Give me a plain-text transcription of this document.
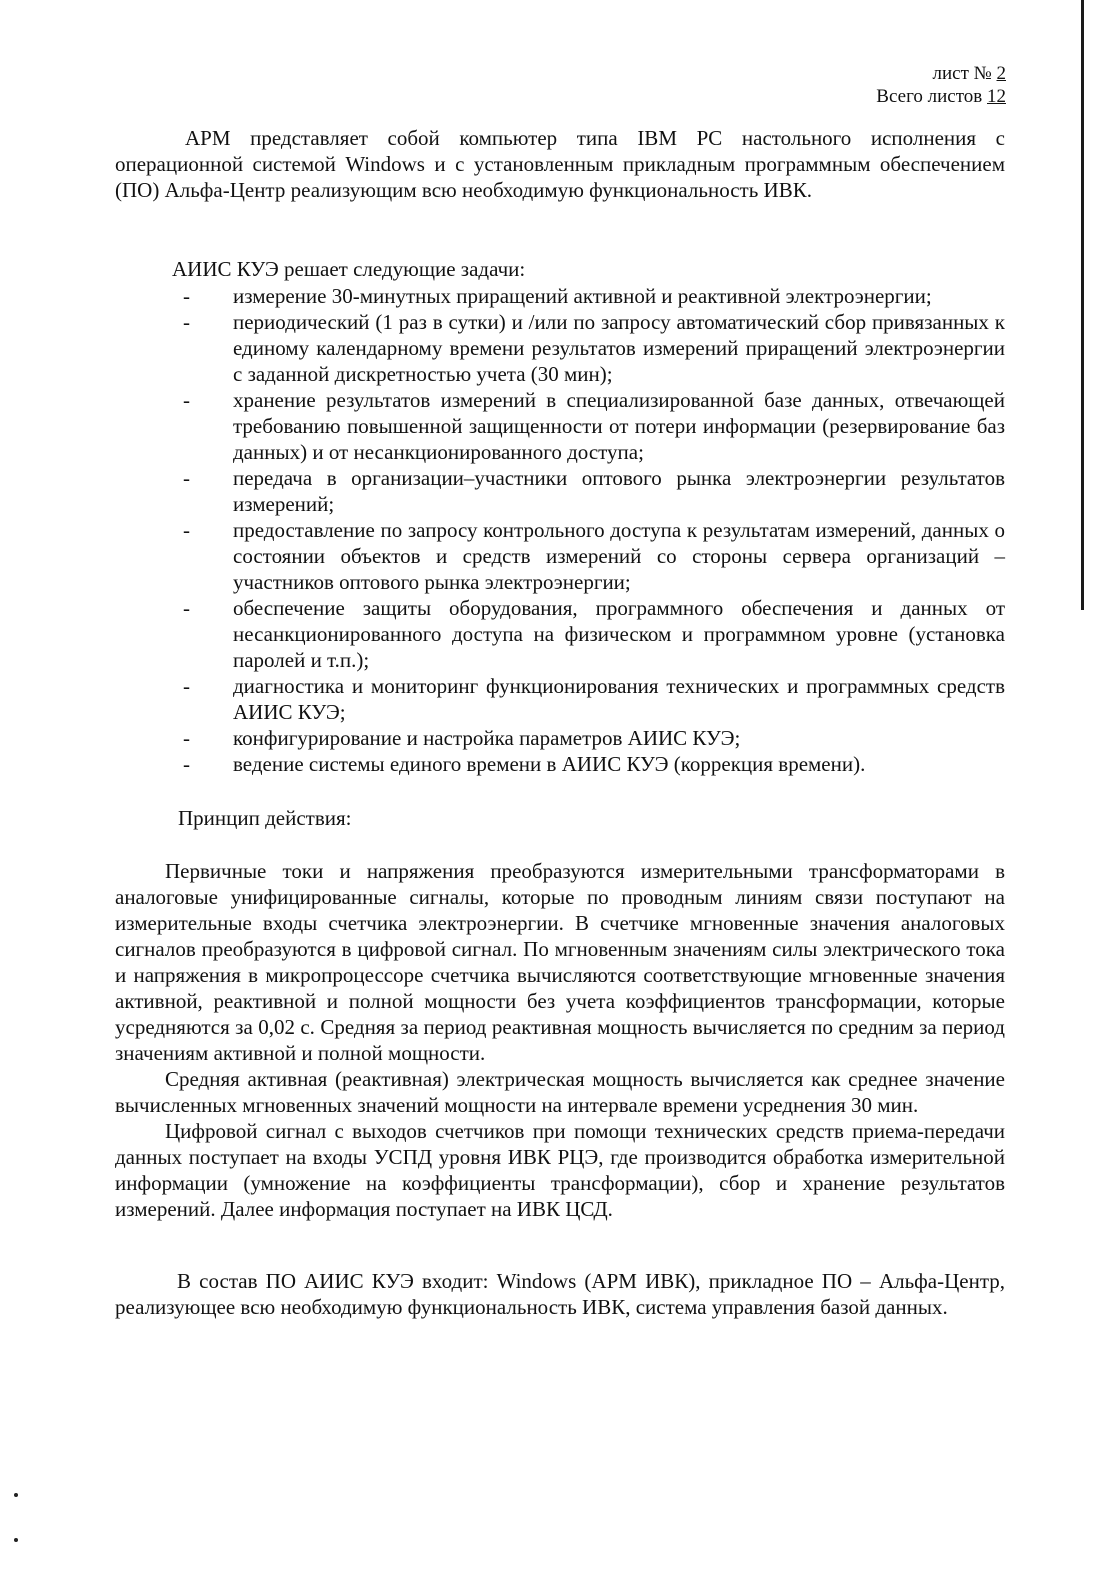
лист № 2
Всего листов 12

АРМ представляет собой компьютер типа IBM PC настольного исполнения с операционной системой Windows и с установленным прикладным программным обеспечением (ПО) Альфа-Центр реализующим всю необходимую функциональность ИВК.

АИИС КУЭ решает следующие задачи:

- измерение 30-минутных приращений активной и реактивной электроэнергии;
- периодический (1 раз в сутки) и /или по запросу автоматический сбор привязанных к единому календарному времени результатов измерений приращений электроэнергии с заданной дискретностью учета (30 мин);
- хранение результатов измерений в специализированной базе данных, отвечающей требованию повышенной защищенности от потери информации (резервирование баз данных) и от несанкционированного доступа;
- передача в организации–участники оптового рынка электроэнергии результатов измерений;
- предоставление по запросу контрольного доступа к результатам измерений, данных о состоянии объектов и средств измерений со стороны сервера организаций – участников оптового рынка электроэнергии;
- обеспечение защиты оборудования, программного обеспечения и данных от несанкционированного доступа на физическом и программном уровне (установка паролей и т.п.);
- диагностика и мониторинг функционирования технических и программных средств АИИС КУЭ;
- конфигурирование и настройка параметров АИИС КУЭ;
- ведение системы единого времени в АИИС КУЭ (коррекция времени).

Принцип действия:

Первичные токи и напряжения преобразуются измерительными трансформаторами в аналоговые унифицированные сигналы, которые по проводным линиям связи поступают на измерительные входы счетчика электроэнергии. В счетчике мгновенные значения аналоговых сигналов преобразуются в цифровой сигнал. По мгновенным значениям силы электрического тока и напряжения в микропроцессоре счетчика вычисляются соответствующие мгновенные значения активной, реактивной и полной мощности без учета коэффициентов трансформации, которые усредняются за 0,02 с. Средняя за период реактивная мощность вычисляется по средним за период значениям активной и полной мощности.

Средняя активная (реактивная) электрическая мощность вычисляется как среднее значение вычисленных мгновенных значений мощности на интервале времени усреднения 30 мин.

Цифровой сигнал с выходов счетчиков при помощи технических средств приема-передачи данных поступает на входы УСПД уровня ИВК РЦЭ, где производится обработка измерительной информации (умножение на коэффициенты трансформации), сбор и хранение результатов измерений. Далее информация поступает на ИВК ЦСД.

В состав ПО АИИС КУЭ входит: Windows (АРМ ИВК), прикладное ПО – Альфа-Центр, реализующее всю необходимую функциональность ИВК, система управления базой данных.
